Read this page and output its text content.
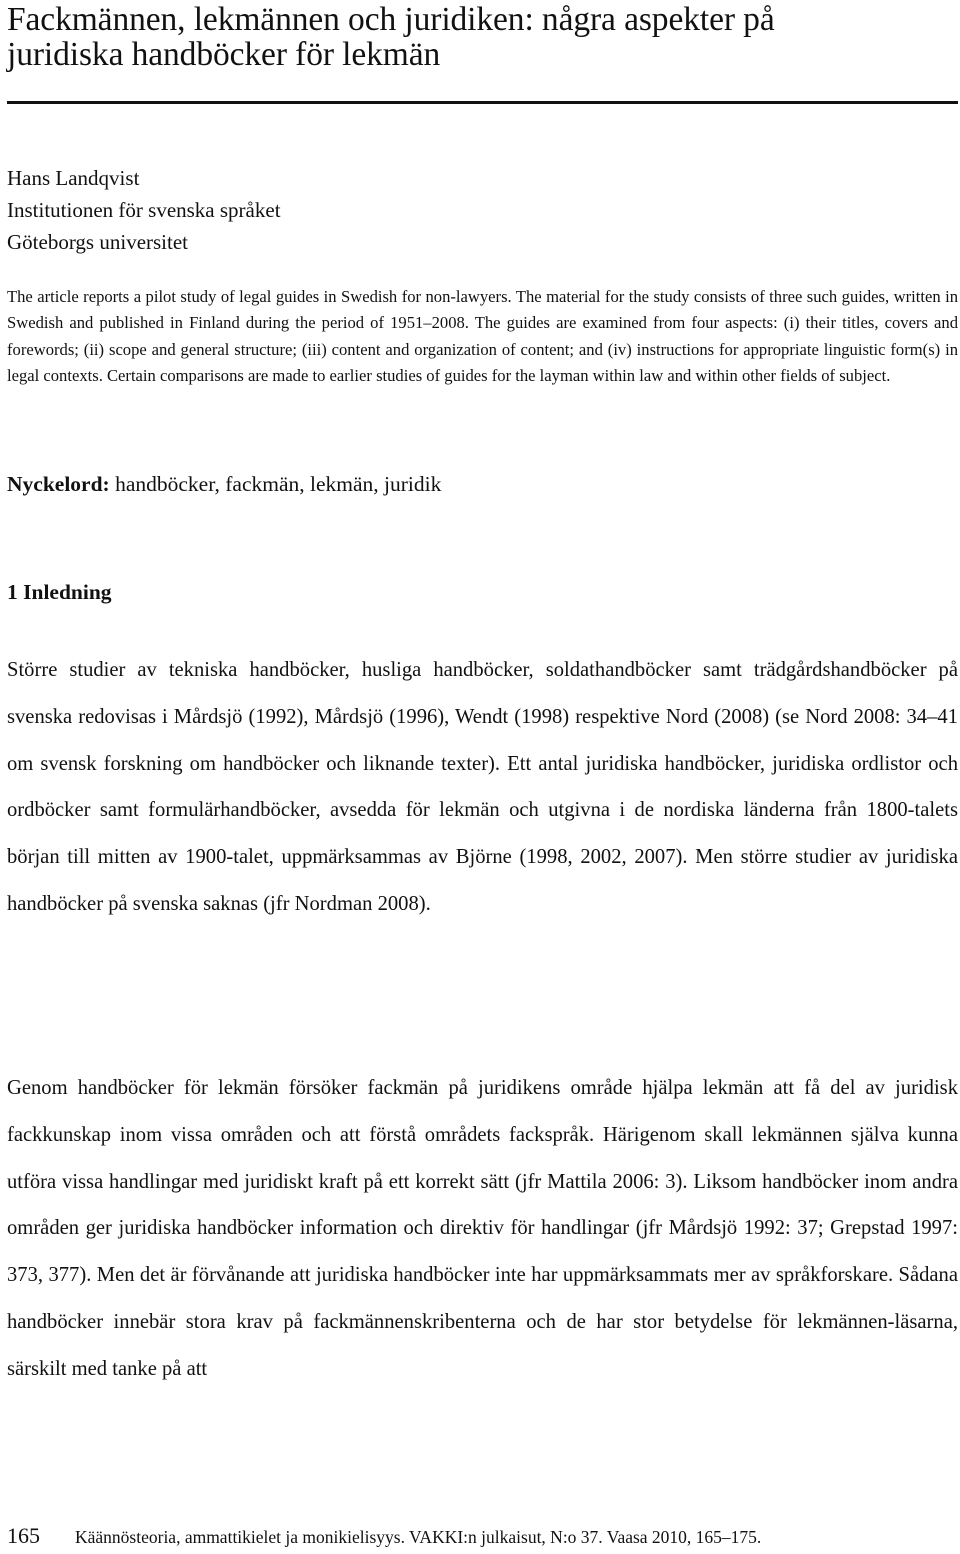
Fackmännen, lekmännen och juridiken: några aspekter på
juridiska handböcker för lekmän
Hans Landqvist
Institutionen för svenska språket
Göteborgs universitet

The article reports a pilot study of legal guides in Swedish for non-lawyers. The material for the study consists of three such guides, written in Swedish and published in Finland during the period of 1951–2008. The guides are examined from four aspects: (i) their titles, covers and forewords; (ii) scope and general structure; (iii) content and organization of content; and (iv) instructions for appropriate linguistic form(s) in legal contexts. Certain comparisons are made to earlier studies of guides for the layman within law and within other fields of subject.

Nyckelord: handböcker, fackmän, lekmän, juridik
1 Inledning

Större studier av tekniska handböcker, husliga handböcker, soldathandböcker samt trädgårdshandböcker på svenska redovisas i Mårdsjö (1992), Mårdsjö (1996), Wendt (1998) respektive Nord (2008) (se Nord 2008: 34–41 om svensk forskning om handböcker och liknande texter). Ett antal juridiska handböcker, juridiska ordlistor och ordböcker samt formulärhandböcker, avsedda för lekmän och utgivna i de nordiska länderna från 1800-talets början till mitten av 1900-talet, uppmärksammas av Björne (1998, 2002, 2007). Men större studier av juridiska handböcker på svenska saknas (jfr Nordman 2008).

Genom handböcker för lekmän försöker fackmän på juridikens område hjälpa lekmän att få del av juridisk fackkunskap inom vissa områden och att förstå områdets fackspråk. Härigenom skall lekmännen själva kunna utföra vissa handlingar med juridiskt kraft på ett korrekt sätt (jfr Mattila 2006: 3). Liksom handböcker inom andra områden ger juridiska handböcker information och direktiv för handlingar (jfr Mårdsjö 1992: 37; Grepstad 1997: 373, 377). Men det är förvånande att juridiska handböcker inte har uppmärksammats mer av språkforskare. Sådana handböcker innebär stora krav på fackmännenskribenterna och de har stor betydelse för lekmännen-läsarna, särskilt med tanke på att

165 Käännösteoria, ammattikielet ja monikielisyys. VAKKI:n julkaisut, N:o 37. Vaasa 2010, 165–175.
